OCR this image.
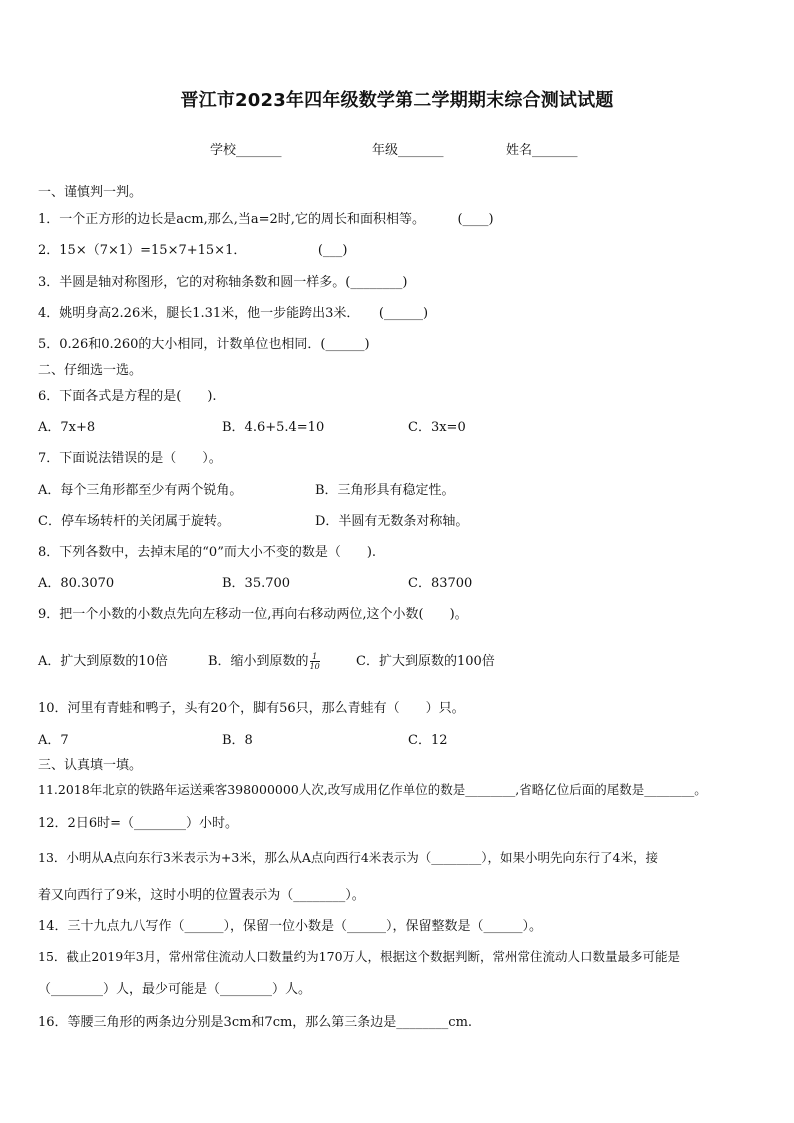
晋江市2023年四年级数学第二学期期末综合测试试题
学校_______	年级_______	姓名_______
一、谨慎判一判。
1．一个正方形的边长是acm,那么,当a=2时,它的周长和面积相等。　　　(____)
2．15×（7×1）=15×7+15×1．　　　　　　(___)
3．半圆是轴对称图形，它的对称轴条数和圆一样多。(________)
4．姚明身高2.26米，腿长1.31米，他一步能跨出3米．　　(______)
5．0.26和0.260的大小相同，计数单位也相同．(______)
二、仔细选一选。
6．下面各式是方程的是(　　).
A．7x+8	B．4.6+5.4=10	C．3x=0
7．下面说法错误的是（　　）。
A．每个三角形都至少有两个锐角。	B．三角形具有稳定性。
C．停车场转杆的关闭属于旋转。	D．半圆有无数条对称轴。
8．下列各数中，去掉末尾的“0”而大小不变的数是（　　).
A．80.3070	B．35.700	C．83700
9．把一个小数的小数点先向左移动一位,再向右移动两位,这个小数(　　)。
A．扩大到原数的10倍	B．缩小到原数的 $\frac{1}{10}$	C．扩大到原数的100倍
10．河里有青蛙和鸭子，头有20个，脚有56只，那么青蛙有（　　）只。
A．7	B．8	C．12
三、认真填一填。
11.2018年北京的铁路年运送乘客398000000人次,改写成用亿作单位的数是________,省略亿位后面的尾数是________。
12．2日6时=（________）小时。
13．小明从A点向东行3米表示为+3米，那么从A点向西行4米表示为（________），如果小明先向东行了4米，接
着又向西行了9米，这时小明的位置表示为（________）。
14．三十九点九八写作（______），保留一位小数是（______），保留整数是（______）。
15．截止2019年3月，常州常住流动人口数量约为170万人，根据这个数据判断，常州常住流动人口数量最多可能是
（________）人，最少可能是（________）人。
16．等腰三角形的两条边分别是3cm和7cm，那么第三条边是________cm.
